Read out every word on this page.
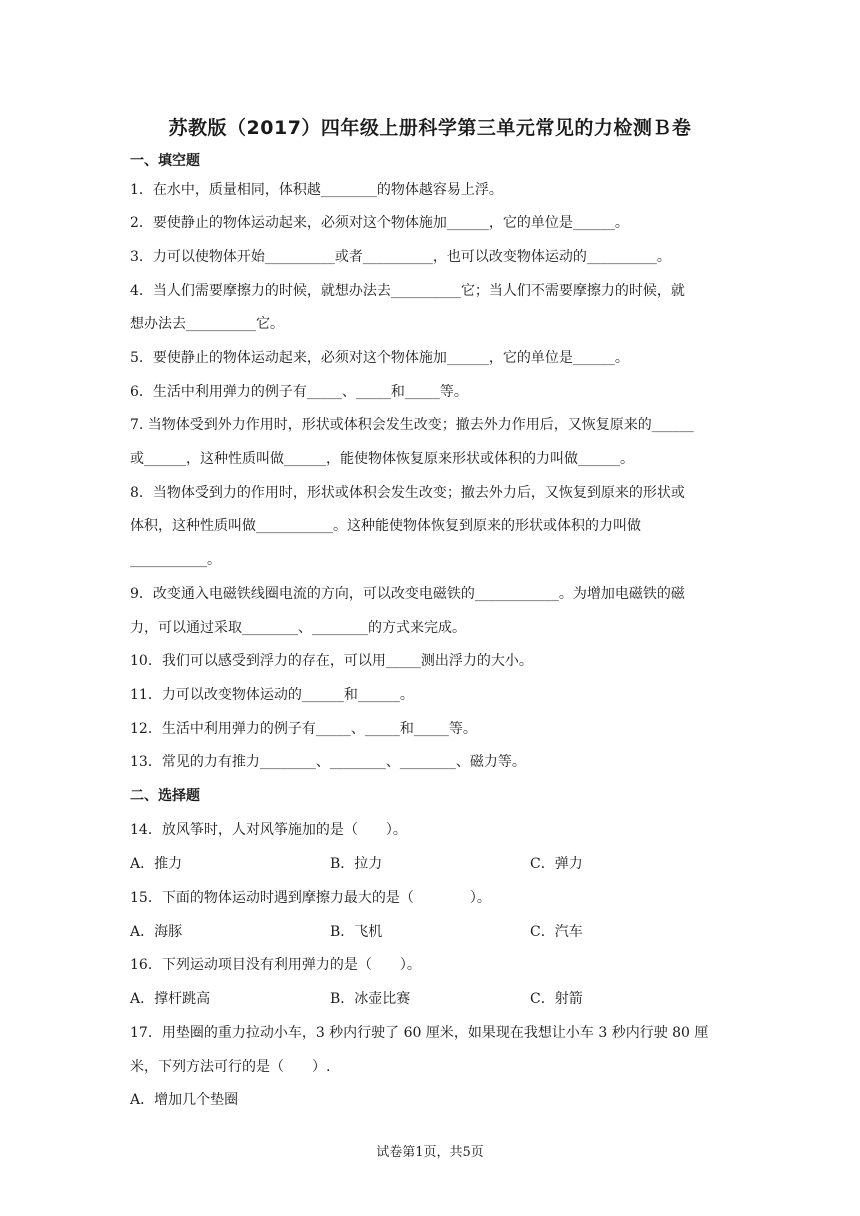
苏教版（2017）四年级上册科学第三单元常见的力检测Ｂ卷
一、填空题
1．在水中，质量相同，体积越________的物体越容易上浮。
2．要使静止的物体运动起来，必须对这个物体施加______，它的单位是______。
3．力可以使物体开始__________或者__________，也可以改变物体运动的__________。
4．当人们需要摩擦力的时候，就想办法去__________它；当人们不需要摩擦力的时候，就
想办法去__________它。
5．要使静止的物体运动起来，必须对这个物体施加______，它的单位是______。
6．生活中利用弹力的例子有_____、_____和_____等。
7. 当物体受到外力作用时，形状或体积会发生改变；撤去外力作用后，又恢复原来的______
或______，这种性质叫做______，能使物体恢复原来形状或体积的力叫做______。
8．当物体受到力的作用时，形状或体积会发生改变；撤去外力后，又恢复到原来的形状或
体积，这种性质叫做___________。这种能使物体恢复到原来的形状或体积的力叫做
___________。
9．改变通入电磁铁线圈电流的方向，可以改变电磁铁的____________。为增加电磁铁的磁
力，可以通过采取________、________的方式来完成。
10．我们可以感受到浮力的存在，可以用_____测出浮力的大小。
11．力可以改变物体运动的______和______。
12．生活中利用弹力的例子有_____、_____和_____等。
13．常见的力有推力________、________、________、磁力等。
二、选择题
14．放风筝时，人对风筝施加的是（　　）。
A．推力	B．拉力	C．弹力
15．下面的物体运动时遇到摩擦力最大的是（　　　　）。
A．海豚	B．飞机	C．汽车
16．下列运动项目没有利用弹力的是（　　）。
A．撑杆跳高	B．冰壶比赛	C．射箭
17．用垫圈的重力拉动小车，3 秒内行驶了 60 厘米，如果现在我想让小车 3 秒内行驶 80 厘
米，下列方法可行的是（　　）.
A．增加几个垫圈
试卷第1页，共5页
